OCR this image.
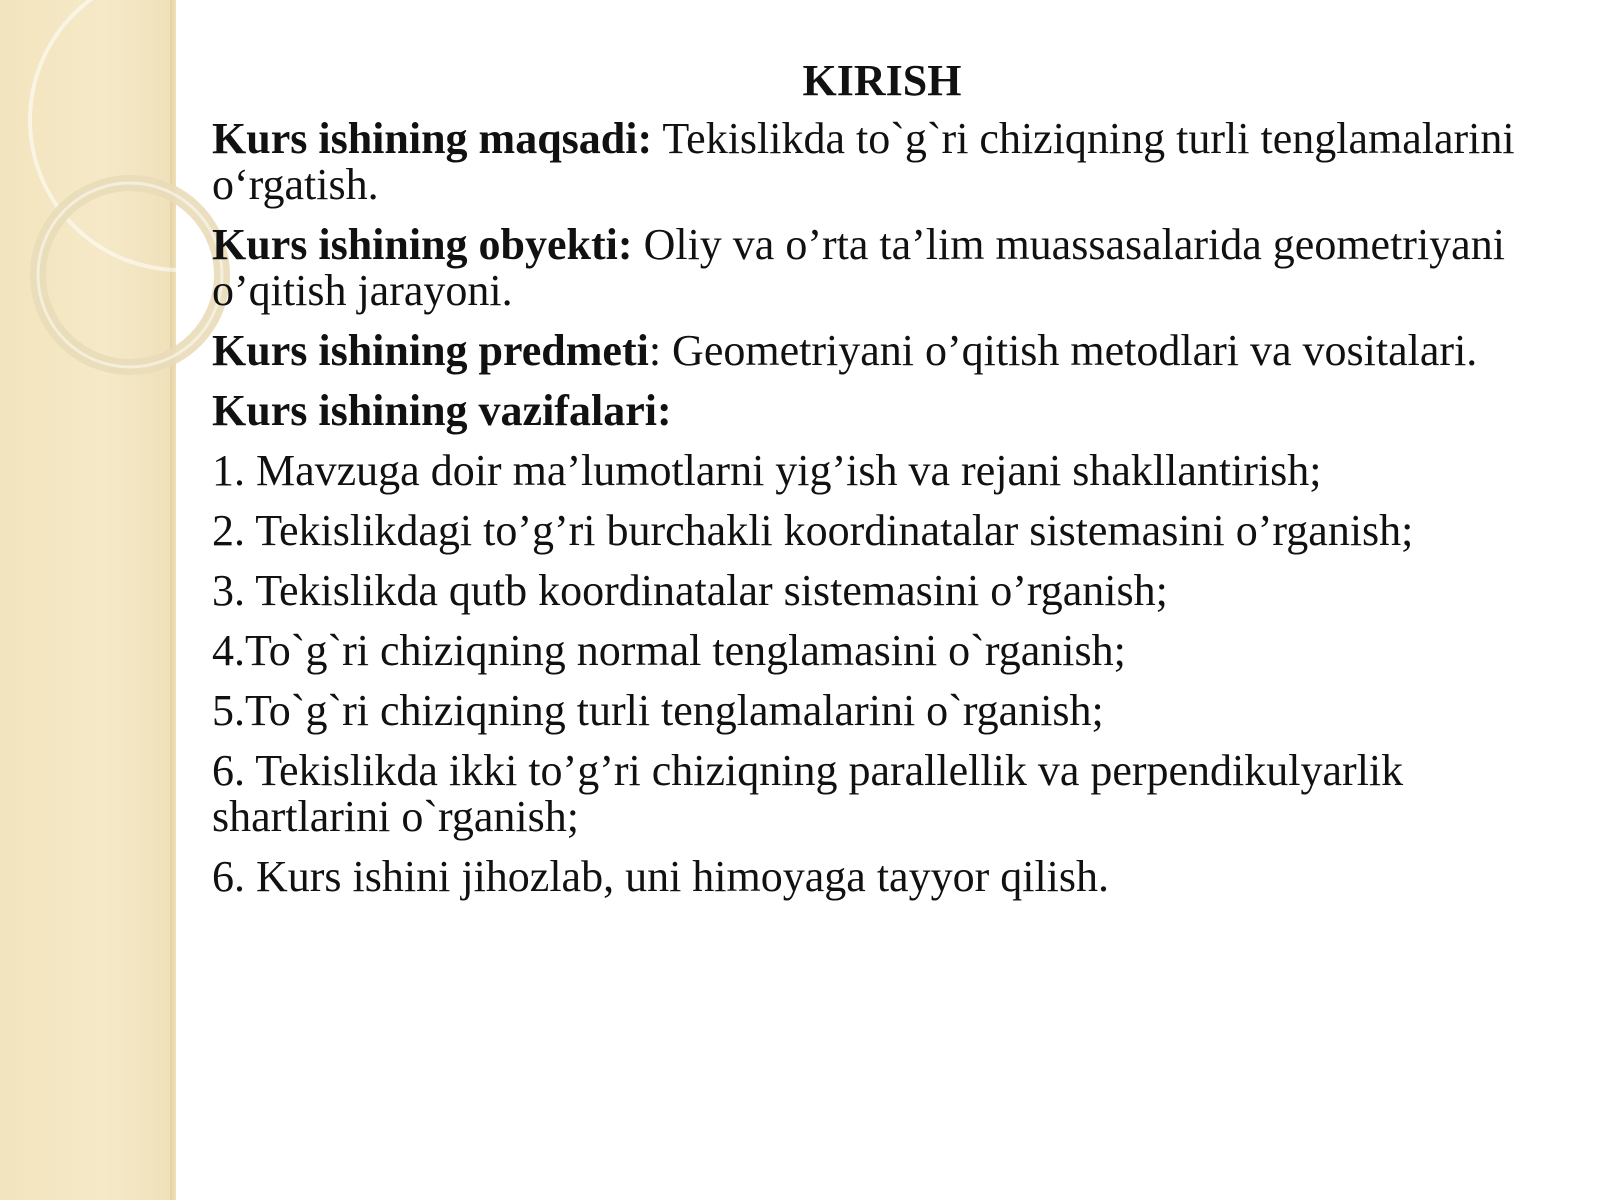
KIRISH
Kurs ishining maqsadi: Tekislikda to`g`ri chiziqning turli tenglamalarini o‘rgatish.
Kurs ishining obyekti: Oliy va o’rta ta’lim muassasalarida geometriyani o’qitish jarayoni.
Kurs ishining predmeti: Geometriyani o’qitish metodlari va vositalari.
Kurs ishining vazifalari:
1. Mavzuga doir ma’lumotlarni yig’ish va rejani shakllantirish;
2. Tekislikdagi to’g’ri burchakli koordinatalar sistemasini o’rganish;
3. Tekislikda qutb koordinatalar sistemasini o’rganish;
4.To`g`ri chiziqning normal tenglamasini o`rganish;
5.To`g`ri chiziqning turli tenglamalarini o`rganish;
6. Tekislikda ikki to’g’ri chiziqning parallellik va perpendikulyarlik shartlarini o`rganish;
6. Kurs ishini jihozlab, uni himoyaga tayyor qilish.
